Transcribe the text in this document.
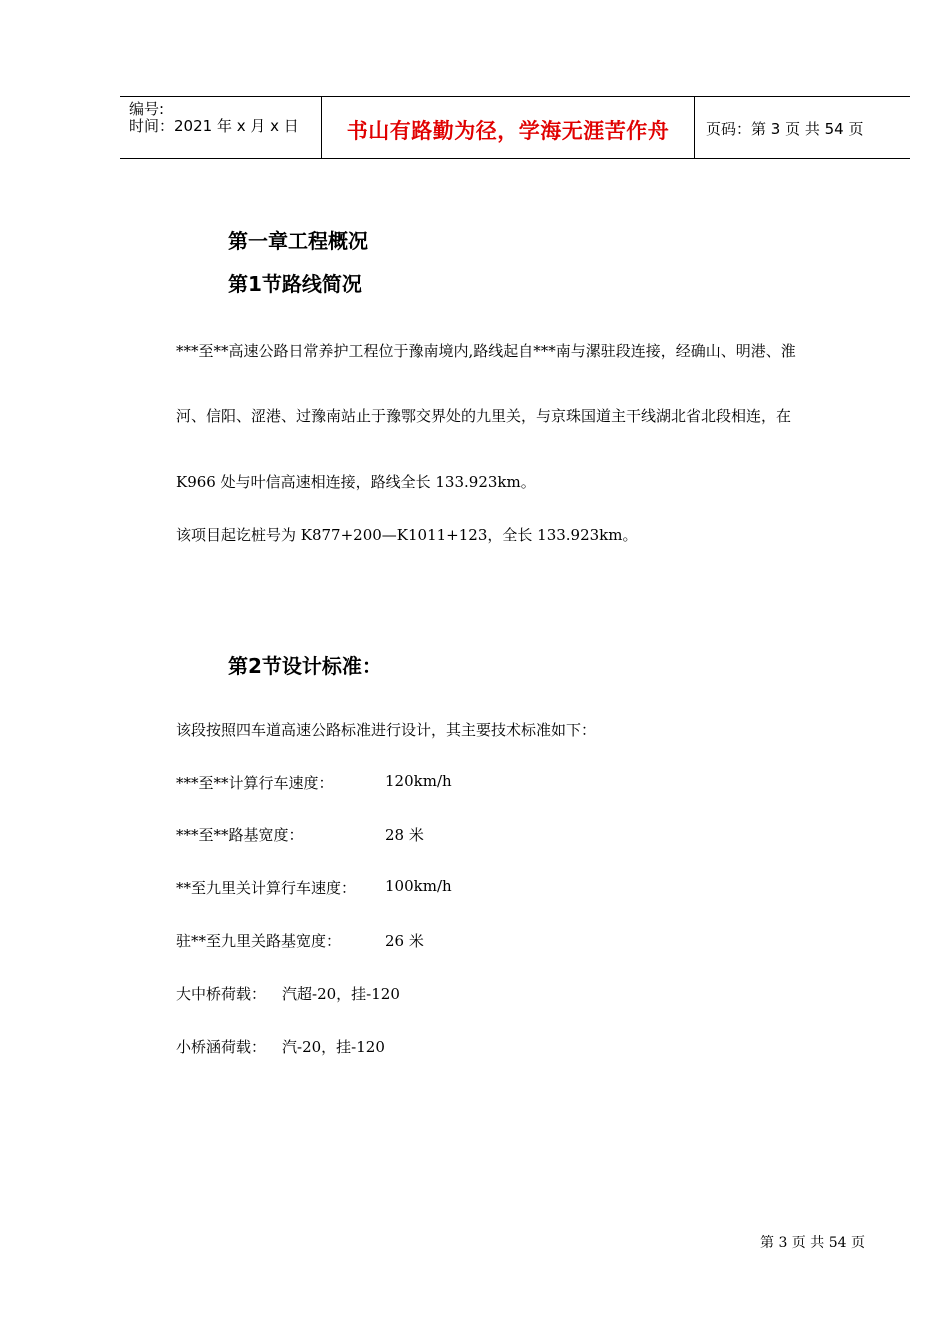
编号:
时间：2021 年 x 月 x 日	书山有路勤为径，学海无涯苦作舟	页码：第 3 页 共 54 页
第一章工程概况
第1节路线简况
***至**高速公路日常养护工程位于豫南境内,路线起自***南与漯驻段连接，经确山、明港、淮
河、信阳、涩港、过豫南站止于豫鄂交界处的九里关，与京珠国道主干线湖北省北段相连，在
K966 处与叶信高速相连接，路线全长 133.923km。
该项目起讫桩号为 K877+200—K1011+123，全长 133.923km。
第2节设计标准：
该段按照四车道高速公路标准进行设计，其主要技术标准如下：
***至**计算行车速度：	120km/h
***至**路基宽度：	28 米
**至九里关计算行车速度： 100km/h
驻**至九里关路基宽度：	26 米
大中桥荷载： 汽超-20，挂-120
小桥涵荷载： 汽-20，挂-120
第 3 页 共 54 页
